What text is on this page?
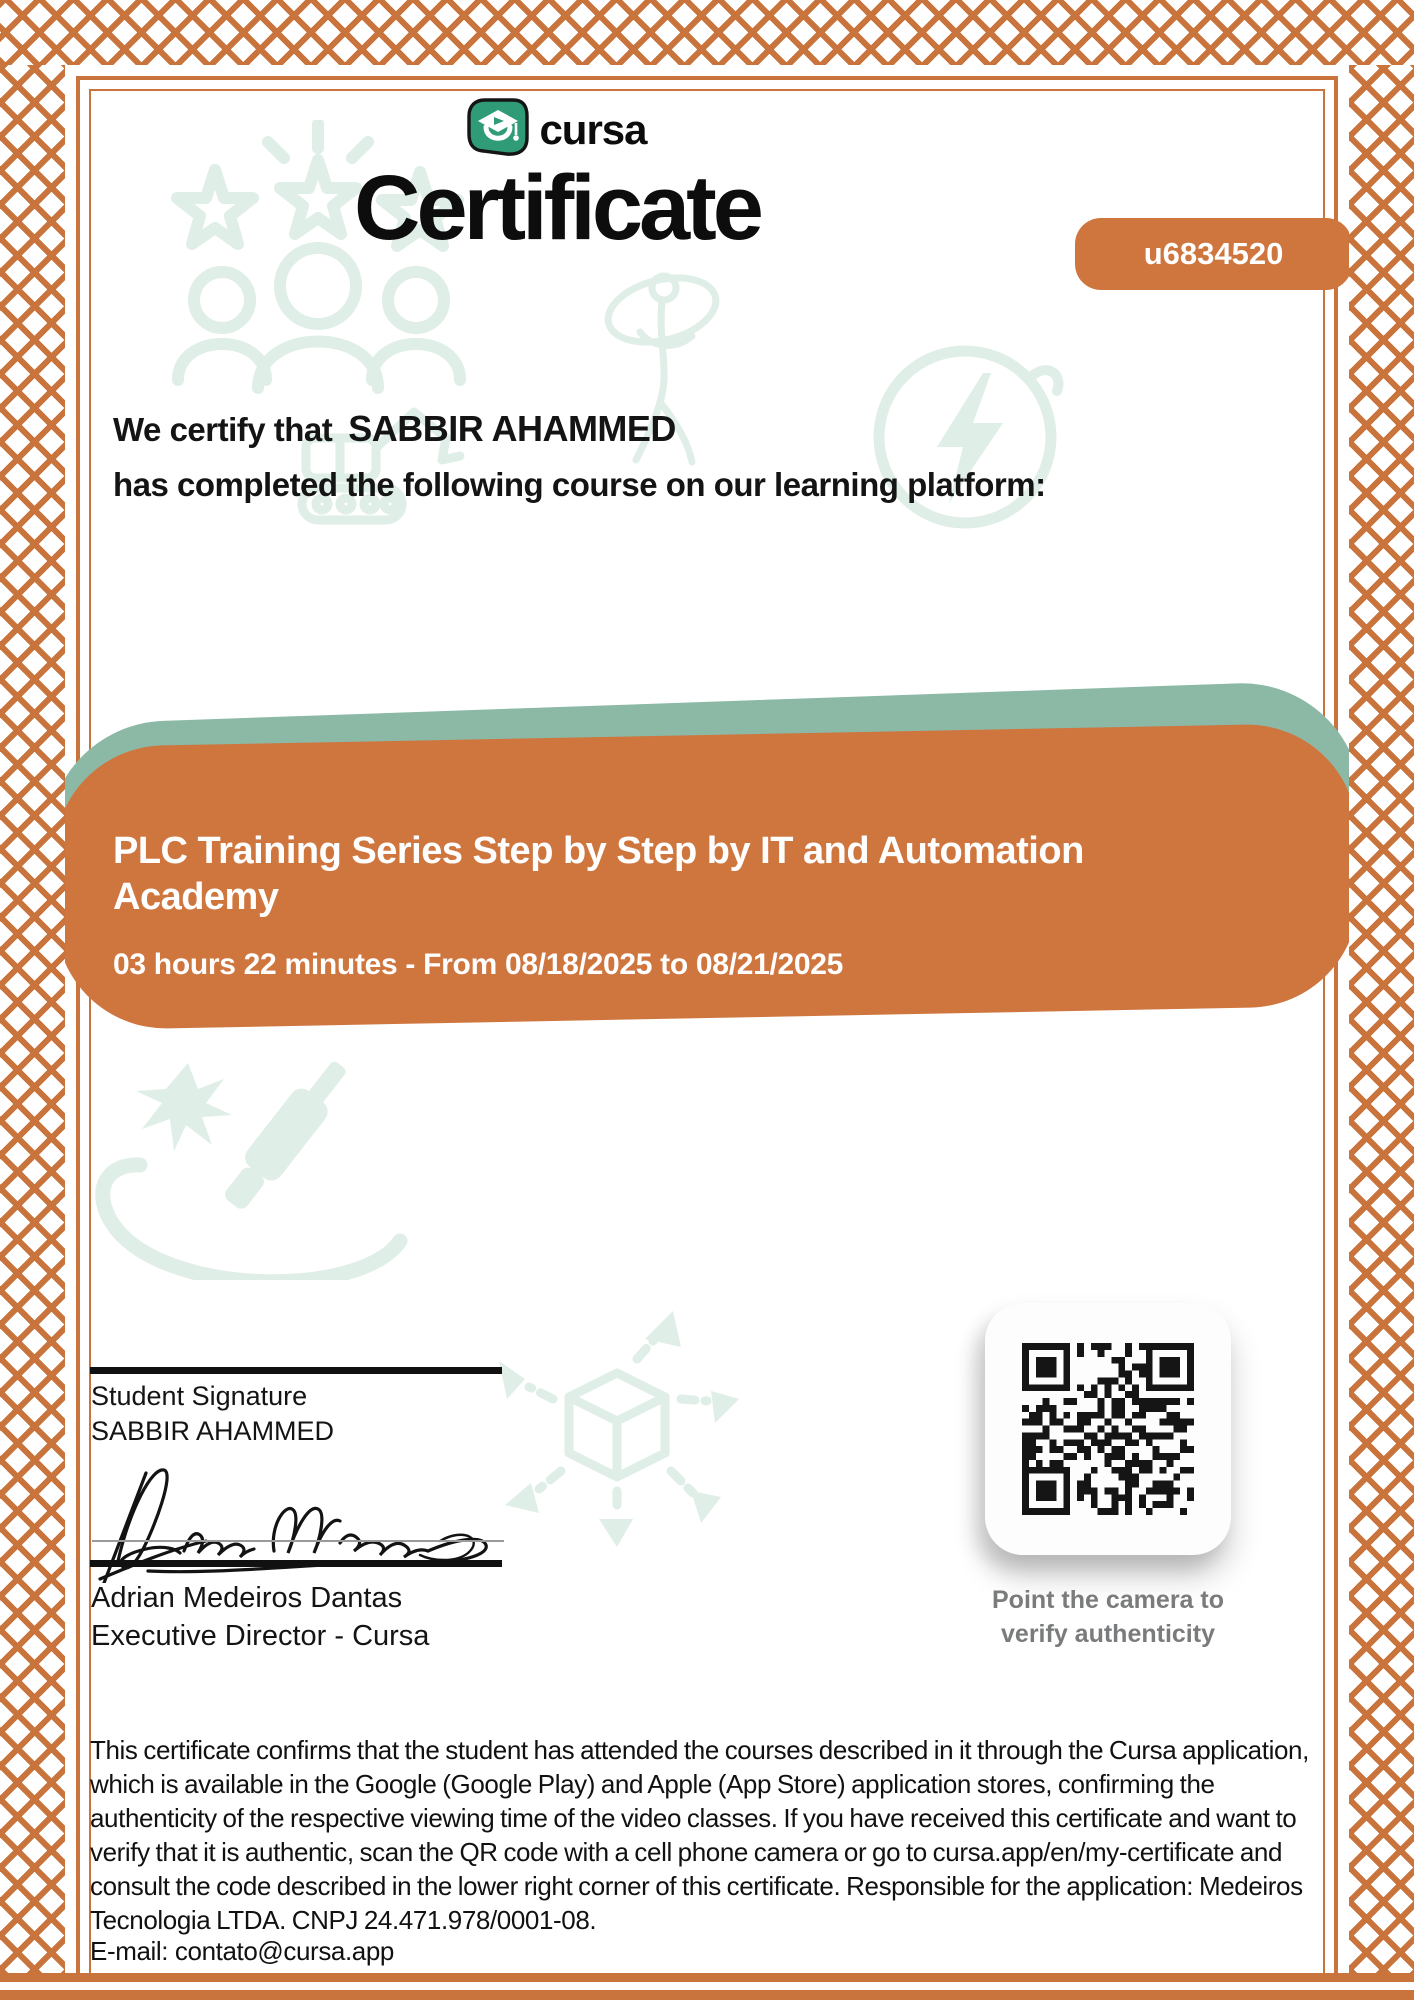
cursa
Certificate	u6834520

We certify that SABBIR AHAMMED

has completed the following course on our learning platform:

PLC Training Series Step by Step by IT and Automation Academy

03 hours 22 minutes - From 08/18/2025 to 08/21/2025

Student Signature

SABBIR AHAMMED

Adrian Medeiros Dantas

Executive Director - Cursa

Point the camera to
verify authenticity

This certificate confirms that the student has attended the courses described in it through the Cursa application, which is available in the Google (Google Play) and Apple (App Store) application stores, confirming the authenticity of the respective viewing time of the video classes. If you have received this certificate and want to verify that it is authentic, scan the QR code with a cell phone camera or go to cursa.app/en/my-certificate and consult the code described in the lower right corner of this certificate. Responsible for the application: Medeiros Tecnologia LTDA. CNPJ 24.471.978/0001-08.

E-mail: contato@cursa.app
